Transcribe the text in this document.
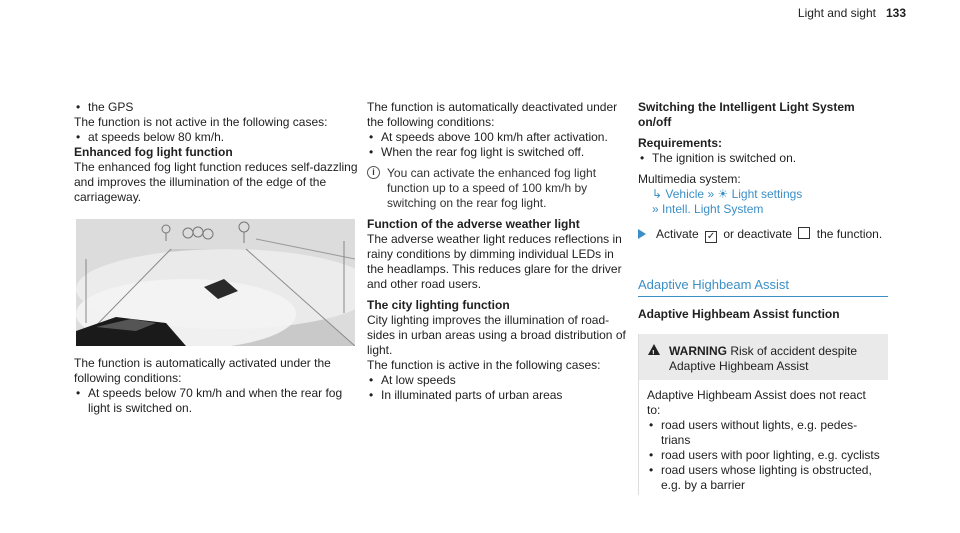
Light and sight 133
• the GPS
The function is not active in the following cases:
• at speeds below 80 km/h.
Enhanced fog light function
The enhanced fog light function reduces self-dazzling and improves the illumination of the edge of the carriageway.
The function is automatically activated under the following conditions:
• At speeds below 70 km/h and when the rear fog light is switched on.
The function is automatically deactivated under the following conditions:
• At speeds above 100 km/h after activation.
• When the rear fog light is switched off.
i	You can activate the enhanced fog light function up to a speed of 100 km/h by switching on the rear fog light.
Function of the adverse weather light
The adverse weather light reduces reflections in rainy conditions by dimming individual LEDs in the headlamps. This reduces glare for the driver and other road users.
The city lighting function
City lighting improves the illumination of road-sides in urban areas using a broad distribution of light.
The function is active in the following cases:
• At low speeds
• In illuminated parts of urban areas
Switching the Intelligent Light System on/off
Requirements:
• The ignition is switched on.
Multimedia system:
↳ Vehicle » ☀ Light settings
» Intell. Light System
Activate ✓ or deactivate the function.
Adaptive Highbeam Assist
Adaptive Highbeam Assist function
! WARNING Risk of accident despite Adaptive Highbeam Assist
Adaptive Highbeam Assist does not react to:
• road users without lights, e.g. pedes-trians
• road users with poor lighting, e.g. cyclists
• road users whose lighting is obstructed, e.g. by a barrier
